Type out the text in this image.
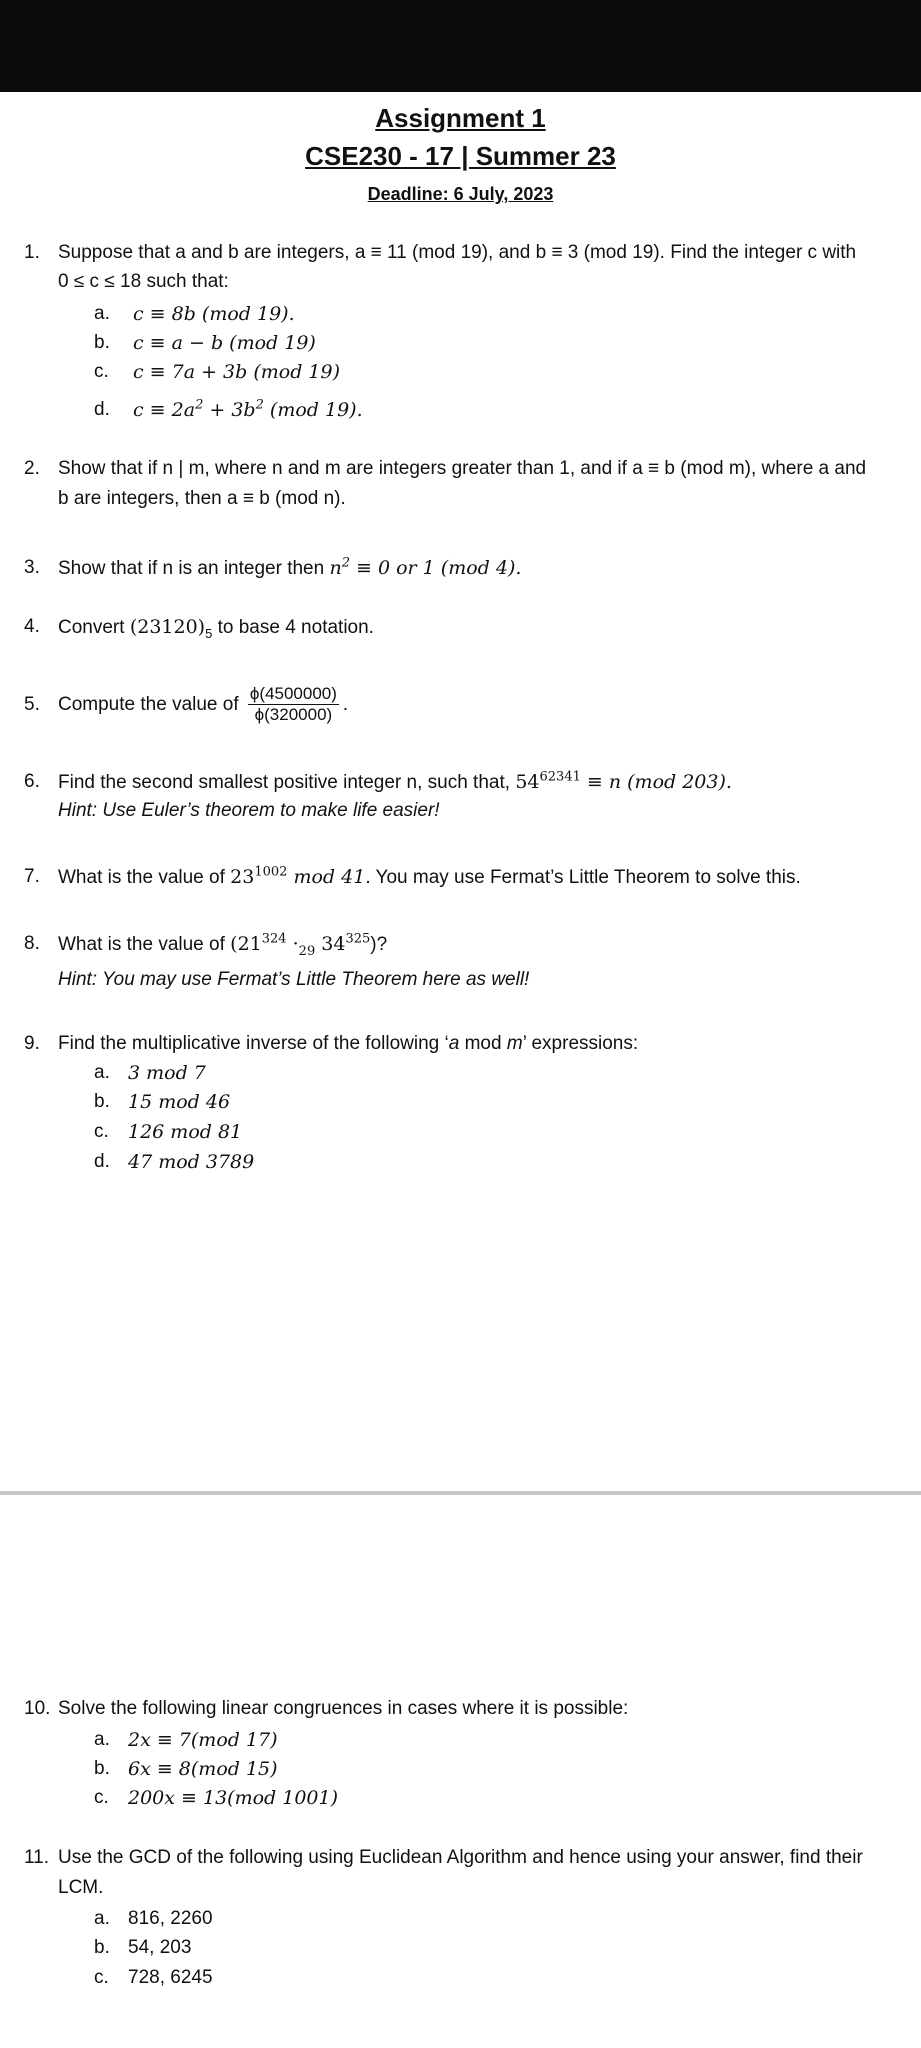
Assignment 1
CSE230 - 17 | Summer 23
Deadline: 6 July, 2023
1. Suppose that a and b are integers, a ≡ 11 (mod 19), and b ≡ 3 (mod 19). Find the integer c with
0 ≤ c ≤ 18 such that:
a. c ≡ 8b (mod 19).
b. c ≡ a − b (mod 19)
c. c ≡ 7a + 3b (mod 19)
d. $c \equiv 2a^2 + 3b^2$ (mod 19).
2. Show that if n | m, where n and m are integers greater than 1, and if a ≡ b (mod m), where a and
b are integers, then a ≡ b (mod n).
3. Show that if n is an integer then $n^2 \equiv 0$ or 1 (mod 4).
4. Convert $(23120)_5$ to base 4 notation.
5. Compute the value of $\frac{\phi(4500000)}{\phi(320000)}$ .
6. Find the second smallest positive integer n, such that, $54^{62341} \equiv n$ (mod 203).
Hint: Use Euler’s theorem to make life easier!
7. What is the value of $23^{1002}$ mod 41. You may use Fermat’s Little Theorem to solve this.
8. What is the value of ($21^{324} \cdot_{29}$ $34^{325}$)?
Hint: You may use Fermat’s Little Theorem here as well!
9. Find the multiplicative inverse of the following ‘a mod m’ expressions:
a. 3 mod 7
b. 15 mod 46
c. 126 mod 81
d. 47 mod 3789
10. Solve the following linear congruences in cases where it is possible:
a. 2x ≡ 7(mod 17)
b. 6x ≡ 8(mod 15)
c. 200x ≡ 13(mod 1001)
11. Use the GCD of the following using Euclidean Algorithm and hence using your answer, find their
LCM.
a. 816, 2260
b. 54, 203
c. 728, 6245
